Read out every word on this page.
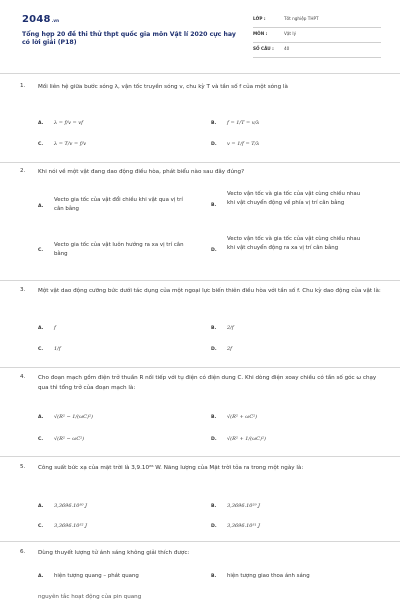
2048.vn
Tổng hợp 20 đề thi thử thpt quốc gia môn Vật lí 2020 cực hay có lời giải (P18)
LỚP :	Tốt nghiệp THPT
MÔN :	Vật lý
SỐ CÂU : 40
1. Mối liên hệ giữa bước sóng λ, vận tốc truyền sóng v, chu kỳ T và tần số f của một sóng là
A. λ = f/v = vf	B. f = 1/T = v/λ
C. λ = T/v = f/v	D. v = 1/f = T/λ
2. Khi nói về một vật đang dao động điều hòa, phát biểu nào sau đây đúng?
A.
Vecto gia tốc của vật đổi chiều khi vật qua vị trí cân bằng
B.
Vecto vận tốc và gia tốc của vật cùng chiều nhau khi vật chuyển động về phía vị trí cân bằng
C.
Vecto gia tốc của vật luôn hướng ra xa vị trí cân bằng
D.
Vecto vận tốc và gia tốc của vật cùng chiều nhau khi vật chuyển động ra xa vị trí cân bằng
3. Một vật dao động cưỡng bức dưới tác dụng của một ngoại lực biến thiên điều hòa với tần số f. Chu kỳ dao động của vật là:
A. f	B. 2/f
C. 1/f	D. 2f
4. Cho đoạn mạch gồm điện trở thuần R nối tiếp với tụ điện có điện dung C. Khi dòng điện xoay chiều có tần số góc ω chạy qua thì tổng trở của đoạn mạch là:
A. √(R² − 1/(ωC)²)	B. √(R² + ωC²)
C. √(R² − ωC²)	D. √(R² + 1/(ωC)²)
5. Công suất bức xạ của mặt trời là 3,9.10²⁶ W. Năng lượng của Mặt trời tỏa ra trong một ngày là:
A. 3,3696.10³⁰ J	B. 3,3696.10²⁹ J
C. 3,3696.10³² J	D. 3,3696.10³¹ J
6. Dùng thuyết lượng tử ánh sáng không giải thích được:
A. hiện tượng quang – phát quang	B. hiện tượng giao thoa ánh sáng
nguyên tắc hoạt động của pin quang
